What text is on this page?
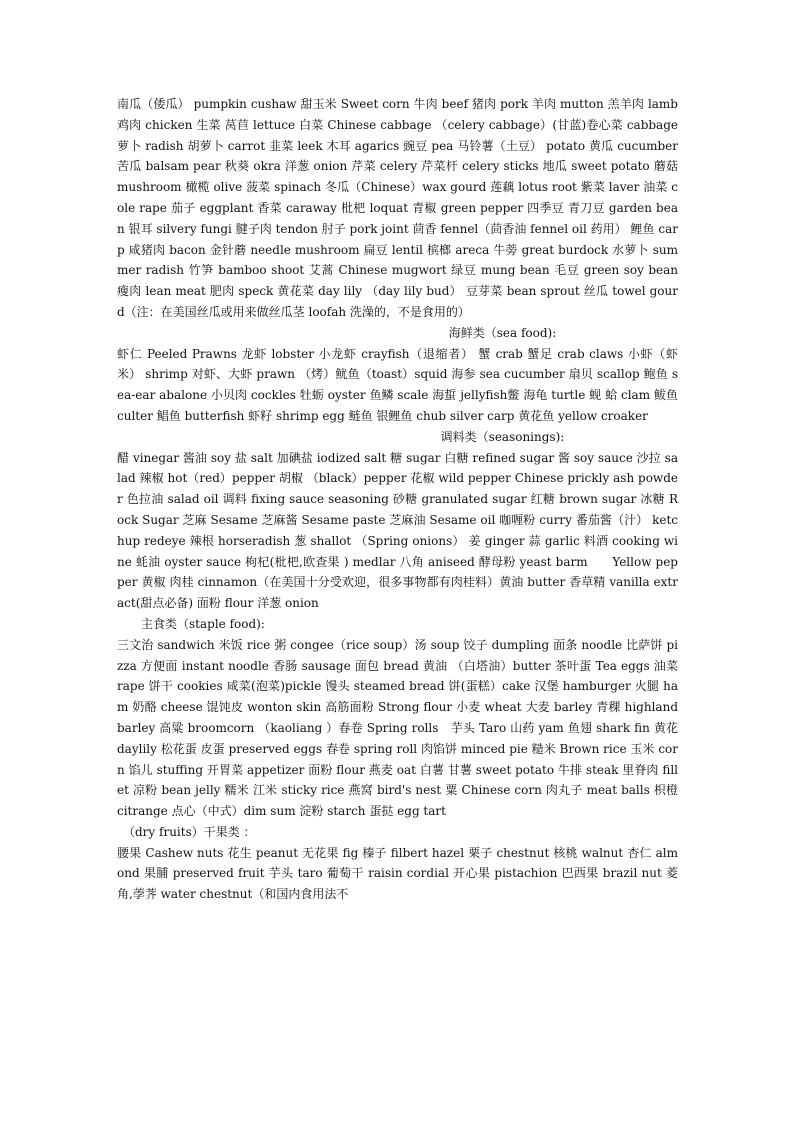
南瓜（倭瓜） pumpkin cushaw 甜玉米 Sweet corn 牛肉 beef 猪肉 pork 羊肉 mutton 羔羊肉 lamb 鸡肉 chicken 生菜 莴苣 lettuce 白菜 Chinese cabbage （celery cabbage）(甘蓝)卷心菜 cabbage 萝卜 radish 胡萝卜 carrot 韭菜 leek 木耳 agarics 豌豆 pea 马铃薯（土豆） potato 黄瓜 cucumber 苦瓜 balsam pear 秋葵 okra 洋葱 onion 芹菜 celery 芹菜杆 celery sticks 地瓜 sweet potato 蘑菇 mushroom 橄榄 olive 菠菜 spinach 冬瓜（Chinese）wax gourd 莲藕 lotus root 紫菜 laver 油菜 cole rape 茄子 eggplant 香菜 caraway 枇杷 loquat 青椒 green pepper 四季豆 青刀豆 garden bean 银耳 silvery fungi 腱子肉 tendon 肘子 pork joint 茴香 fennel（茴香油 fennel oil 药用） 鲤鱼 carp 咸猪肉 bacon 金针蘑 needle mushroom 扁豆 lentil 槟榔 areca 牛蒡 great burdock 水萝卜 summer radish 竹笋 bamboo shoot 艾蒿 Chinese mugwort 绿豆 mung bean 毛豆 green soy bean 瘦肉 lean meat 肥肉 speck 黄花菜 day lily （day lily bud） 豆芽菜 bean sprout 丝瓜 towel gourd（注：在美国丝瓜或用来做丝瓜茎 loofah 洗澡的，不是食用的）

海鲜类（sea food):

虾仁 Peeled Prawns 龙虾 lobster 小龙虾 crayfish（退缩者） 蟹 crab 蟹足 crab claws 小虾（虾米） shrimp 对虾、大虾 prawn （烤）鱿鱼（toast）squid 海参 sea cucumber 扇贝 scallop 鲍鱼 sea-ear abalone 小贝肉 cockles 牡蛎 oyster 鱼鳞 scale 海蜇 jellyfish鳖 海龟 turtle 蚬 蛤 clam 鲅鱼 culter 鲳鱼 butterfish 虾籽 shrimp egg 鲢鱼 银鲤鱼 chub silver carp 黄花鱼 yellow croaker

调料类（seasonings):

醋 vinegar 酱油 soy 盐 salt 加碘盐 iodized salt 糖 sugar 白糖 refined sugar 酱 soy sauce 沙拉 salad 辣椒 hot（red）pepper 胡椒 （black）pepper 花椒 wild pepper Chinese prickly ash powder 色拉油 salad oil 调料 fixing sauce seasoning 砂糖 granulated sugar 红糖 brown sugar 冰糖 Rock Sugar 芝麻 Sesame 芝麻酱 Sesame paste 芝麻油 Sesame oil 咖喱粉 curry 番茄酱（汁） ketchup redeye 辣根 horseradish 葱 shallot （Spring onions） 姜 ginger 蒜 garlic 料酒 cooking wine 蚝油 oyster sauce 枸杞(枇杷,欧查果 ) medlar 八角 aniseed 酵母粉 yeast barm　　Yellow pepper 黄椒 肉桂 cinnamon（在美国十分受欢迎，很多事物都有肉桂料）黄油 butter 香草精 vanilla extract(甜点必备) 面粉 flour 洋葱 onion

主食类（staple food):

三文治 sandwich 米饭 rice 粥 congee（rice soup）汤 soup 饺子 dumpling 面条 noodle 比萨饼 pizza 方便面 instant noodle 香肠 sausage 面包 bread 黄油 （白塔油）butter 茶叶蛋 Tea eggs 油菜 rape 饼干 cookies 咸菜(泡菜)pickle 馒头 steamed bread 饼(蛋糕）cake 汉堡 hamburger 火腿 ham 奶酪 cheese 馄饨皮 wonton skin 高筋面粉 Strong flour 小麦 wheat 大麦 barley 青稞 highland barley 高粱 broomcorn （kaoliang ）春卷 Spring rolls　芋头 Taro 山药 yam 鱼翅 shark fin 黄花 daylily 松花蛋 皮蛋 preserved eggs 春卷 spring roll 肉馅饼 minced pie 糙米 Brown rice 玉米 corn 馅儿 stuffing 开胃菜 appetizer 面粉 flour 燕麦 oat 白薯 甘薯 sweet potato 牛排 steak 里脊肉 fillet 凉粉 bean jelly 糯米 江米 sticky rice 燕窝 bird's nest 粟 Chinese corn 肉丸子 meat balls 枳橙 citrange 点心（中式）dim sum 淀粉 starch 蛋挞 egg tart

（dry fruits）干果类 ：

腰果 Cashew nuts 花生 peanut 无花果 fig 榛子 filbert hazel 栗子 chestnut 核桃 walnut 杏仁 almond 果脯 preserved fruit 芋头 taro 葡萄干 raisin cordial 开心果 pistachion 巴西果 brazil nut 菱角,荸荠 water chestnut（和国内食用法不
